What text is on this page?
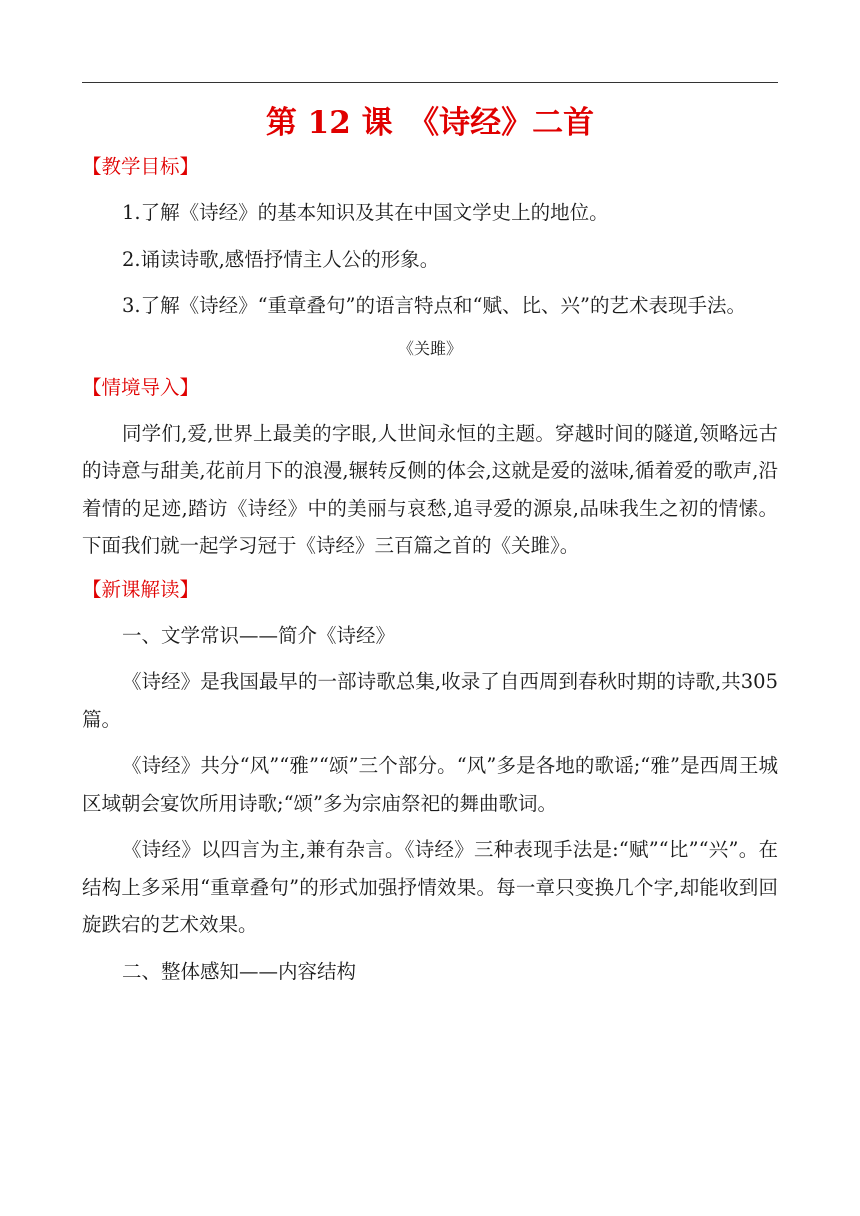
第 12 课　《诗经》二首
【教学目标】

1.了解《诗经》的基本知识及其在中国文学史上的地位。

2.诵读诗歌,感悟抒情主人公的形象。

3.了解《诗经》“重章叠句”的语言特点和“赋、比、兴”的艺术表现手法。

《关雎》
【情境导入】

同学们,爱,世界上最美的字眼,人世间永恒的主题。穿越时间的隧道,领略远古的诗意与甜美,花前月下的浪漫,辗转反侧的体会,这就是爱的滋味,循着爱的歌声,沿着情的足迹,踏访《诗经》中的美丽与哀愁,追寻爱的源泉,品味我生之初的情愫。下面我们就一起学习冠于《诗经》三百篇之首的《关雎》。

【新课解读】

一、文学常识——简介《诗经》

《诗经》是我国最早的一部诗歌总集,收录了自西周到春秋时期的诗歌,共305 篇。

《诗经》共分“风”“雅”“颂”三个部分。“风”多是各地的歌谣;“雅”是西周王城区域朝会宴饮所用诗歌;“颂”多为宗庙祭祀的舞曲歌词。

《诗经》以四言为主,兼有杂言。《诗经》三种表现手法是:“赋”“比”“兴”。在结构上多采用“重章叠句”的形式加强抒情效果。每一章只变换几个字,却能收到回旋跌宕的艺术效果。

二、整体感知——内容结构
